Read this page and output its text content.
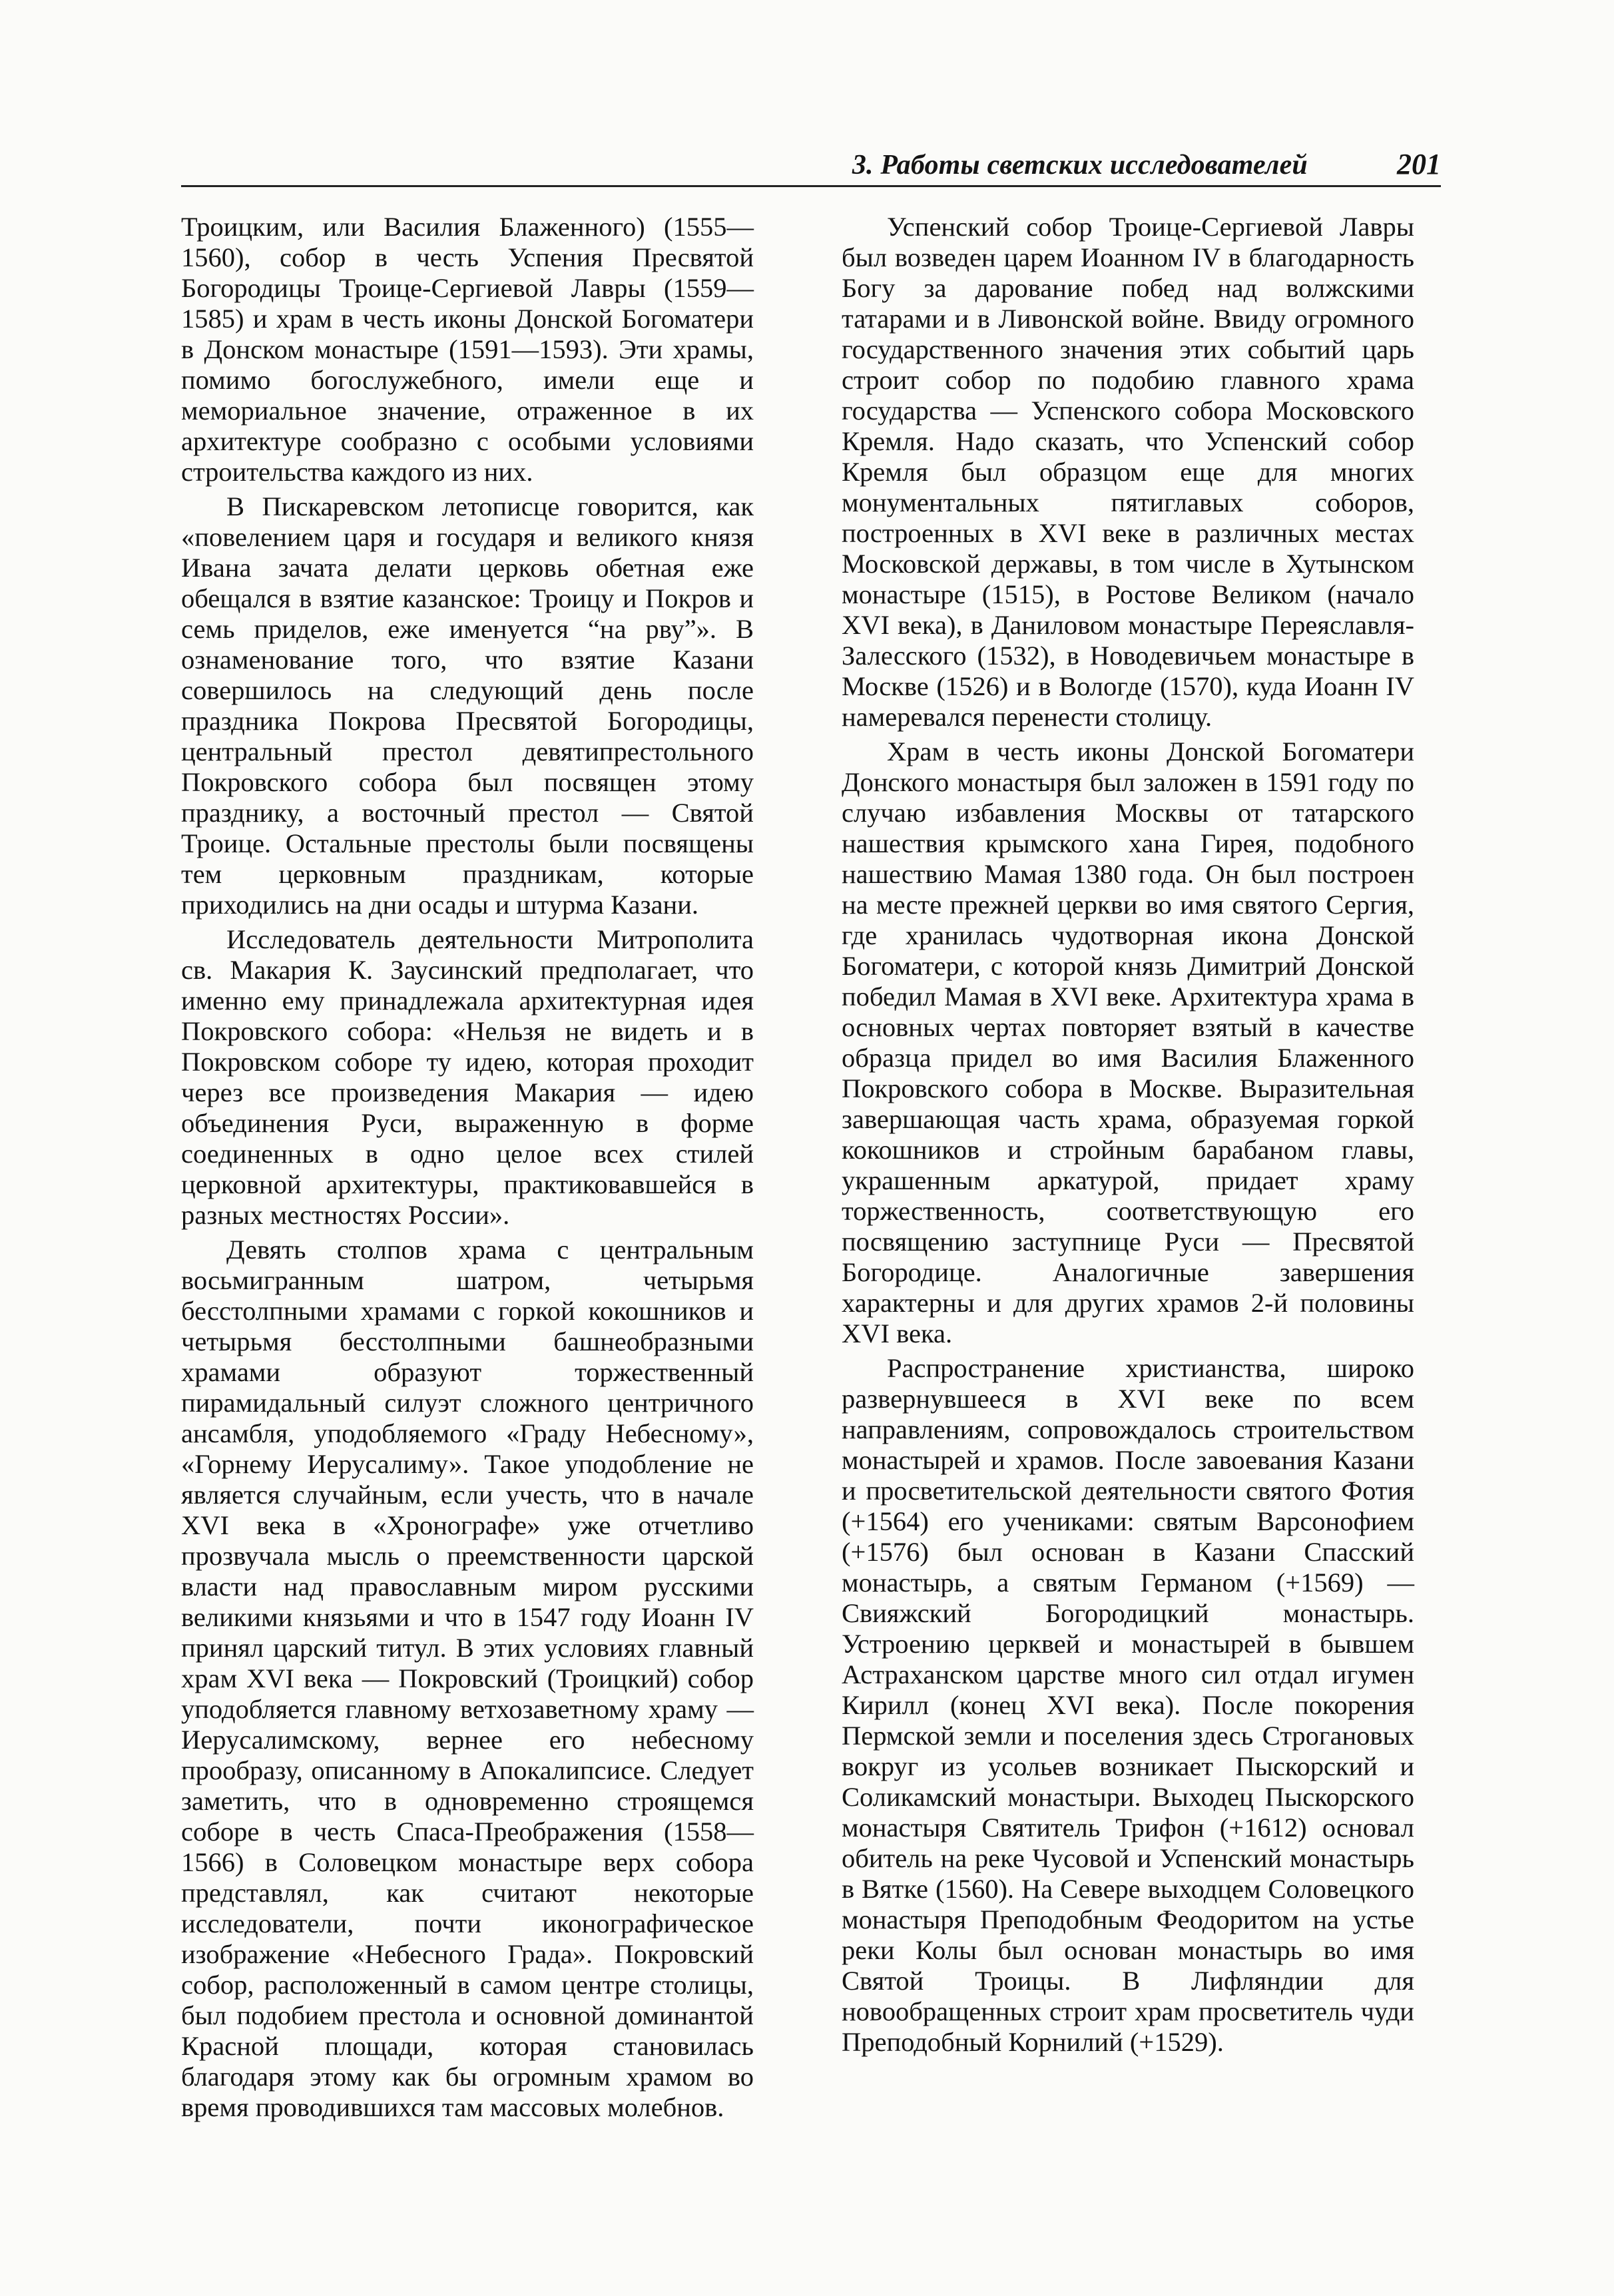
3. Работы светских исследователей	201

Троицким, или Василия Блаженного) (1555—1560), собор в честь Успения Пресвятой Богородицы Троице-Сергиевой Лавры (1559—1585) и храм в честь иконы Донской Богоматери в Донском монастыре (1591—1593). Эти храмы, помимо богослужебного, имели еще и мемориальное значение, отраженное в их архитектуре сообразно с особыми условиями строительства каждого из них.

В Пискаревском летописце говорится, как «повелением царя и государя и великого князя Ивана зачата делати церковь обетная еже обещался в взятие казанское: Троицу и Покров и семь приделов, еже именуется “на рву”». В ознаменование того, что взятие Казани совершилось на следующий день после праздника Покрова Пресвятой Богородицы, центральный престол девятипрестольного Покровского собора был посвящен этому празднику, а восточный престол — Святой Троице. Остальные престолы были посвящены тем церковным праздникам, которые приходились на дни осады и штурма Казани.

Исследователь деятельности Митрополита св. Макария К. Заусинский предполагает, что именно ему принадлежала архитектурная идея Покровского собора: «Нельзя не видеть и в Покровском соборе ту идею, которая проходит через все произведения Макария — идею объединения Руси, выраженную в форме соединенных в одно целое всех стилей церковной архитектуры, практиковавшейся в разных местностях России».

Девять столпов храма с центральным восьмигранным шатром, четырьмя бесстолпными храмами с горкой кокошников и четырьмя бесстолпными башнеобразными храмами образуют торжественный пирамидальный силуэт сложного центричного ансамбля, уподобляемого «Граду Небесному», «Горнему Иерусалиму». Такое уподобление не является случайным, если учесть, что в начале XVI века в «Хронографе» уже отчетливо прозвучала мысль о преемственности царской власти над православным миром русскими великими князьями и что в 1547 году Иоанн IV принял царский титул. В этих условиях главный храм XVI века — Покровский (Троицкий) собор уподобляется главному ветхозаветному храму — Иерусалимскому, вернее его небесному прообразу, описанному в Апокалипсисе. Следует заметить, что в одновременно строящемся соборе в честь Спаса-Преображения (1558—1566) в Соловецком монастыре верх собора представлял, как считают некоторые исследователи, почти иконографическое изображение «Небесного Града». Покровский собор, расположенный в самом центре столицы, был подобием престола и основной доминантой Красной площади, которая становилась благодаря этому как бы огромным храмом во время проводившихся там массовых молебнов.

Успенский собор Троице-Сергиевой Лавры был возведен царем Иоанном IV в благодарность Богу за дарование побед над волжскими татарами и в Ливонской войне. Ввиду огромного государственного значения этих событий царь строит собор по подобию главного храма государства — Успенского собора Московского Кремля. Надо сказать, что Успенский собор Кремля был образцом еще для многих монументальных пятиглавых соборов, построенных в XVI веке в различных местах Московской державы, в том числе в Хутынском монастыре (1515), в Ростове Великом (начало XVI века), в Даниловом монастыре Переяславля-Залесского (1532), в Новодевичьем монастыре в Москве (1526) и в Вологде (1570), куда Иоанн IV намеревался перенести столицу.

Храм в честь иконы Донской Богоматери Донского монастыря был заложен в 1591 году по случаю избавления Москвы от татарского нашествия крымского хана Гирея, подобного нашествию Мамая 1380 года. Он был построен на месте прежней церкви во имя святого Сергия, где хранилась чудотворная икона Донской Богоматери, с которой князь Димитрий Донской победил Мамая в XVI веке. Архитектура храма в основных чертах повторяет взятый в качестве образца придел во имя Василия Блаженного Покровского собора в Москве. Выразительная завершающая часть храма, образуемая горкой кокошников и стройным барабаном главы, украшенным аркатурой, придает храму торжественность, соответствующую его посвящению заступнице Руси — Пресвятой Богородице. Аналогичные завершения характерны и для других храмов 2-й половины XVI века.

Распространение христианства, широко развернувшееся в XVI веке по всем направлениям, сопровождалось строительством монастырей и храмов. После завоевания Казани и просветительской деятельности святого Фотия (+1564) его учениками: святым Варсонофием (+1576) был основан в Казани Спасский монастырь, а святым Германом (+1569) — Свияжский Богородицкий монастырь. Устроению церквей и монастырей в бывшем Астраханском царстве много сил отдал игумен Кирилл (конец XVI века). После покорения Пермской земли и поселения здесь Строгановых вокруг из усольев возникает Пыскорский и Соликамский монастыри. Выходец Пыскорского монастыря Святитель Трифон (+1612) основал обитель на реке Чусовой и Успенский монастырь в Вятке (1560). На Севере выходцем Соловецкого монастыря Преподобным Феодоритом на устье реки Колы был основан монастырь во имя Святой Троицы. В Лифляндии для новообращенных строит храм просветитель чуди Преподобный Корнилий (+1529).
